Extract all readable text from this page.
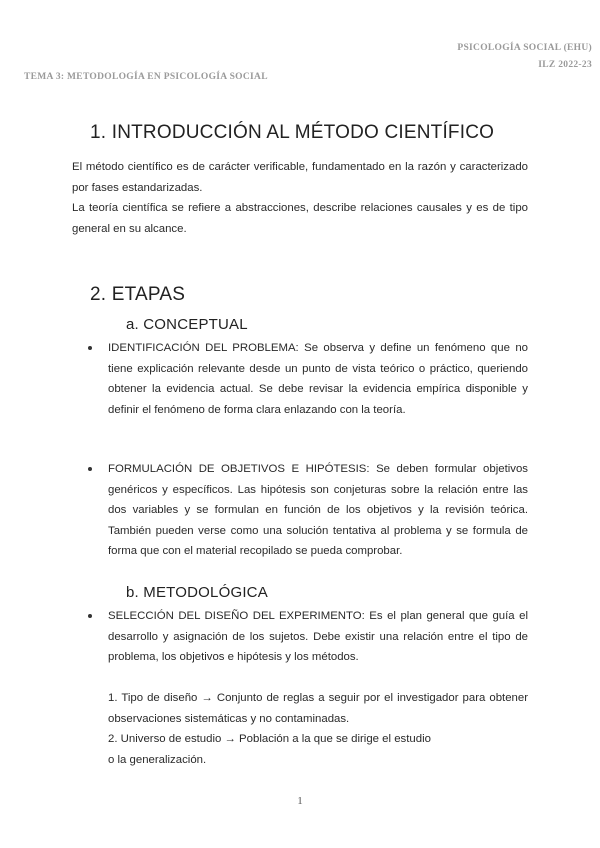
PSICOLOGÍA SOCIAL (EHU)
ILZ 2022-23
TEMA 3: METODOLOGÍA EN PSICOLOGÍA SOCIAL
1. INTRODUCCIÓN AL MÉTODO CIENTÍFICO

El método científico es de carácter verificable, fundamentado en la razón y caracterizado por fases estandarizadas.

La teoría científica se refiere a abstracciones, describe relaciones causales y es de tipo general en su alcance.

2. ETAPAS
a. CONCEPTUAL
IDENTIFICACIÓN DEL PROBLEMA: Se observa y define un fenómeno que no tiene explicación relevante desde un punto de vista teórico o práctico, queriendo obtener la evidencia actual. Se debe revisar la evidencia empírica disponible y definir el fenómeno de forma clara enlazando con la teoría.
FORMULACIÓN DE OBJETIVOS E HIPÓTESIS: Se deben formular objetivos genéricos y específicos. Las hipótesis son conjeturas sobre la relación entre las dos variables y se formulan en función de los objetivos y la revisión teórica. También pueden verse como una solución tentativa al problema y se formula de forma que con el material recopilado se pueda comprobar.
b. METODOLÓGICA
SELECCIÓN DEL DISEÑO DEL EXPERIMENTO: Es el plan general que guía el desarrollo y asignación de los sujetos. Debe existir una relación entre el tipo de problema, los objetivos e hipótesis y los métodos.

1. Tipo de diseño → Conjunto de reglas a seguir por el investigador para obtener observaciones sistemáticas y no contaminadas.

2. Universo de estudio → Población a la que se dirige el estudio

o la generalización.

1
